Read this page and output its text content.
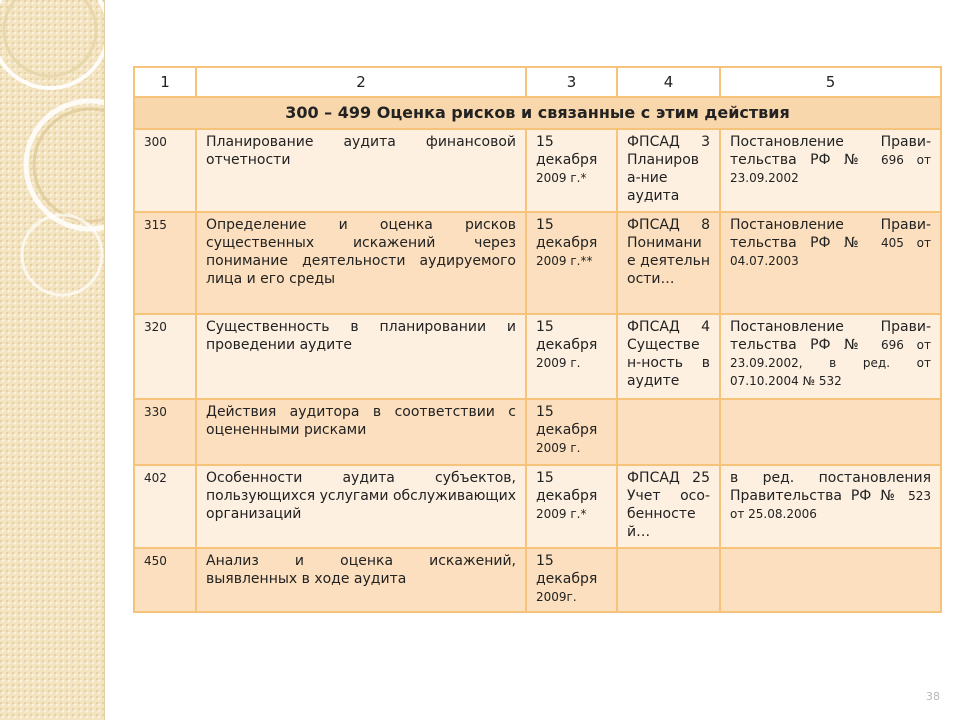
1	2	3	4	5
300 – 499 Оценка рисков и связанные с этим действия				
300	Планирование аудита финансовой отчетности	15 декабря 2009 г.*	ФПСАД 3 Планиров а-ние аудита	Постановление Прави-тельства РФ № 696 от 23.09.2002
315	Определение и оценка рисков существенных искажений через понимание деятельности аудируемого лица и его среды	15 декабря 2009 г.**	ФПСАД 8 Понимани е деятельн ости…	Постановление Прави-тельства РФ № 405 от 04.07.2003
320	Существенность в планировании и проведении аудите	15 декабря 2009 г.	ФПСАД 4 Существе н-ность в аудите	Постановление Прави-тельства РФ № 696 от 23.09.2002, в ред. от 07.10.2004 № 532
330	Действия аудитора в соответствии с оцененными рисками	15 декабря 2009 г.		
402	Особенности аудита субъектов, пользующихся услугами обслуживающих организаций	15 декабря 2009 г.*	ФПСАД 25 Учет осо-бенносте й…	в ред. постановления Правительства РФ № 523 от 25.08.2006
450	Анализ и оценка искажений, выявленных в ходе аудита	15 декабря 2009г.		
38
